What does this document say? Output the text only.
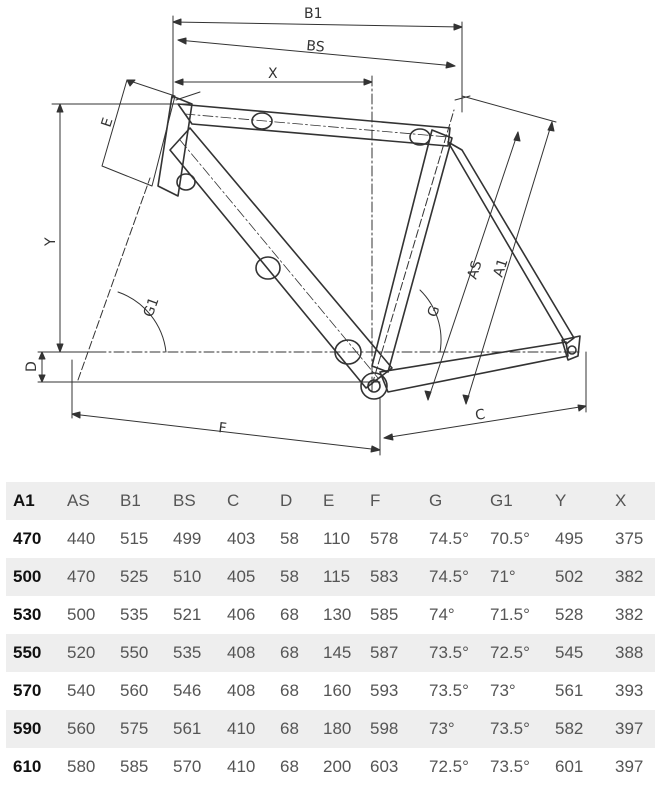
B1
BS
X
E
Y
D
G1	G
AS A1
F
C
A1	AS	B1	BS	C	D	E	F	G	G1	Y	X
470	440	515	499	403	58	110	578	74.5°	70.5°	495	375
500	470	525	510	405	58	115	583	74.5°	71°	502	382
530	500	535	521	406	68	130	585	74°	71.5°	528	382
550	520	550	535	408	68	145	587	73.5°	72.5°	545	388
570	540	560	546	408	68	160	593	73.5°	73°	561	393
590	560	575	561	410	68	180	598	73°	73.5°	582	397
610	580	585	570	410	68	200	603	72.5°	73.5°	601	397
